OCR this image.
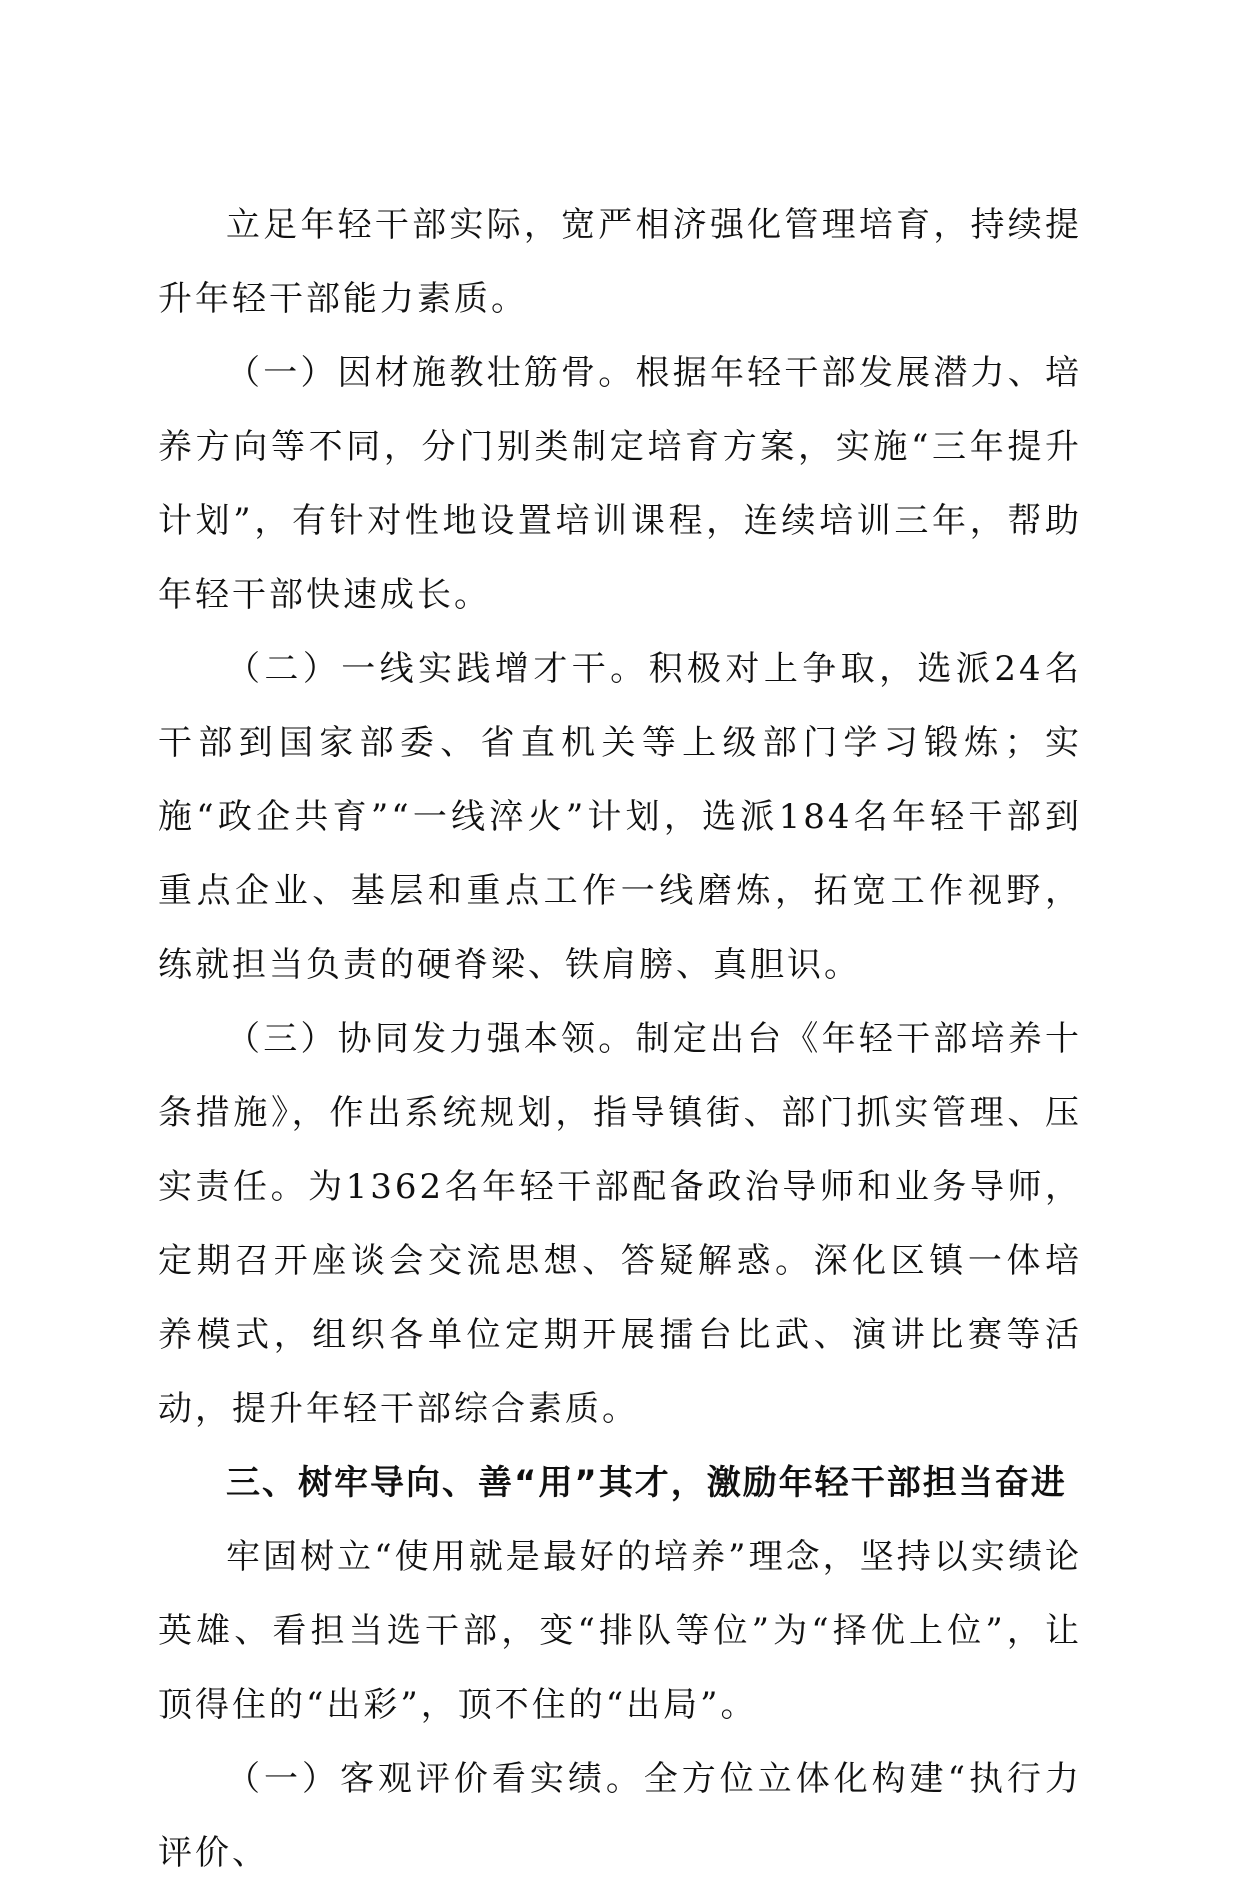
立足年轻干部实际，宽严相济强化管理培育，持续提升年轻干部能力素质。

（一）因材施教壮筋骨。根据年轻干部发展潜力、培养方向等不同，分门别类制定培育方案，实施“三年提升计划”，有针对性地设置培训课程，连续培训三年，帮助年轻干部快速成长。

（二）一线实践增才干。积极对上争取，选派24名干部到国家部委、省直机关等上级部门学习锻炼；实施“政企共育”“一线淬火”计划，选派184名年轻干部到重点企业、基层和重点工作一线磨炼，拓宽工作视野，练就担当负责的硬脊梁、铁肩膀、真胆识。

（三）协同发力强本领。制定出台《年轻干部培养十条措施》，作出系统规划，指导镇街、部门抓实管理、压实责任。为1362名年轻干部配备政治导师和业务导师，定期召开座谈会交流思想、答疑解惑。深化区镇一体培养模式，组织各单位定期开展擂台比武、演讲比赛等活动，提升年轻干部综合素质。

三、树牢导向、善“用”其才，激励年轻干部担当奋进

牢固树立“使用就是最好的培养”理念，坚持以实绩论英雄、看担当选干部，变“排队等位”为“择优上位”，让顶得住的“出彩”，顶不住的“出局”。

（一）客观评价看实绩。全方位立体化构建“执行力评价、
